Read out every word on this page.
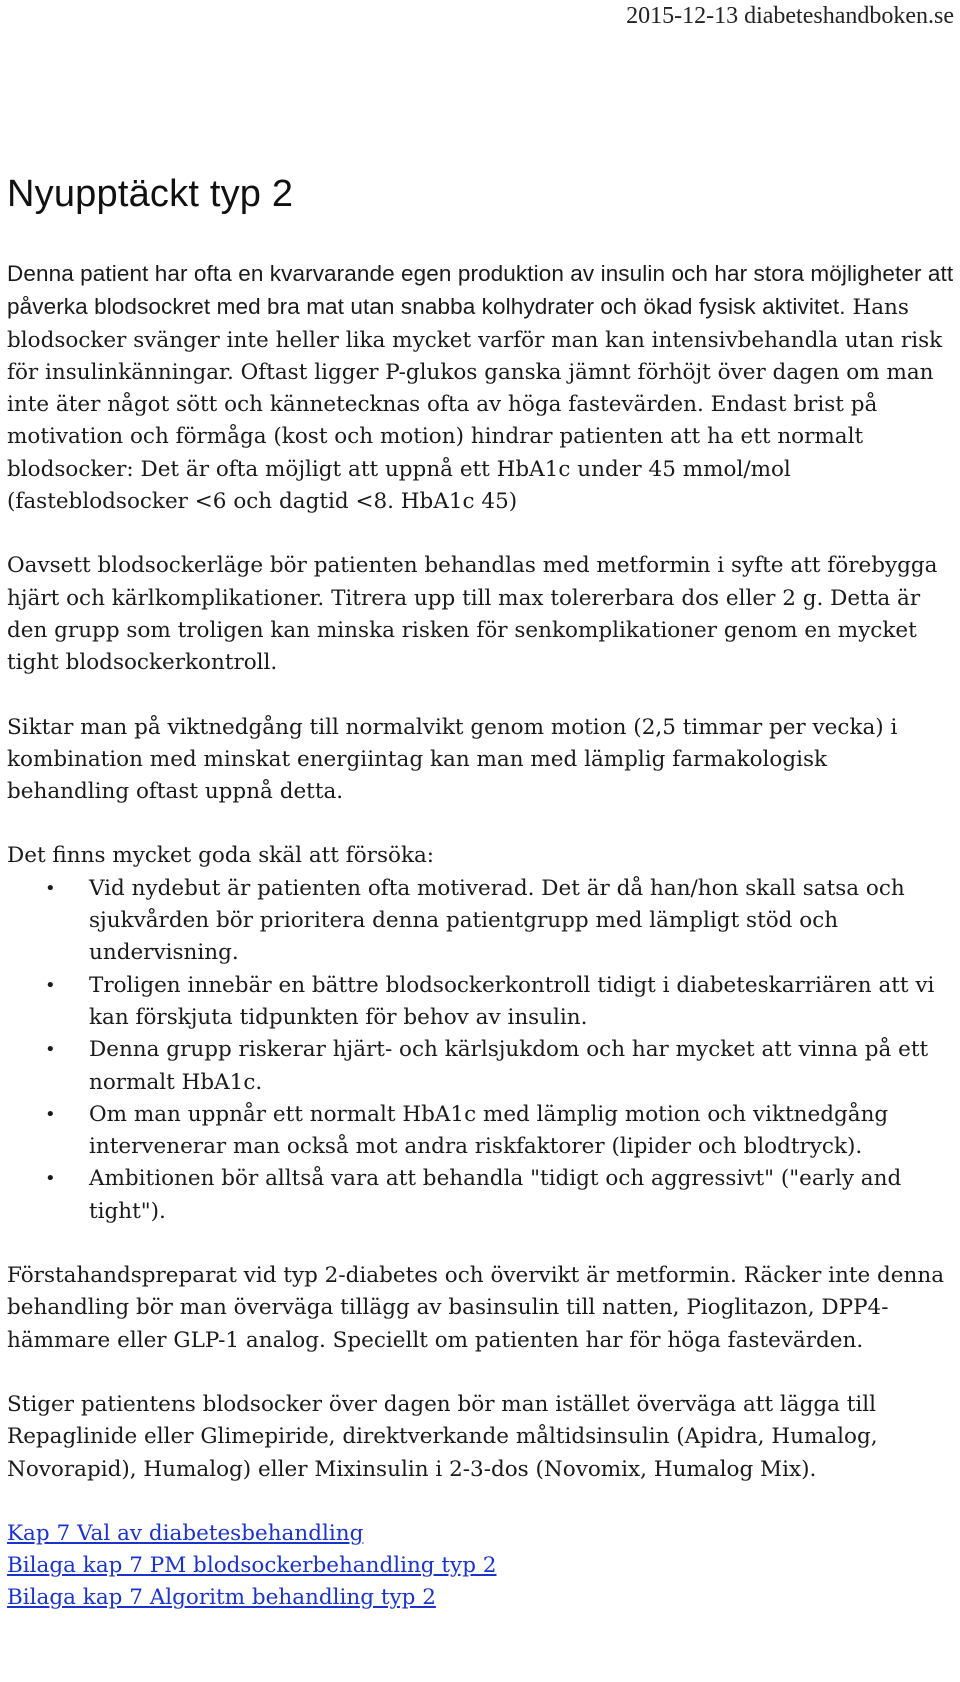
2015-12-13 diabeteshandboken.se
Nyupptäckt typ 2

Denna patient har ofta en kvarvarande egen produktion av insulin och har stora möjligheter att påverka blodsockret med bra mat utan snabba kolhydrater och ökad fysisk aktivitet. Hans blodsocker svänger inte heller lika mycket varför man kan intensivbehandla utan risk för insulinkänningar. Oftast ligger P-glukos ganska jämnt förhöjt över dagen om man inte äter något sött och kännetecknas ofta av höga fastevärden. Endast brist på motivation och förmåga (kost och motion) hindrar patienten att ha ett normalt blodsocker: Det är ofta möjligt att uppnå ett HbA1c under 45 mmol/mol (fasteblodsocker <6 och dagtid <8. HbA1c 45)

Oavsett blodsockerläge bör patienten behandlas med metformin i syfte att förebygga hjärt och kärlkomplikationer. Titrera upp till max tolererbara dos eller 2 g. Detta är den grupp som troligen kan minska risken för senkomplikationer genom en mycket tight blodsockerkontroll.

Siktar man på viktnedgång till normalvikt genom motion (2,5 timmar per vecka) i kombination med minskat energiintag kan man med lämplig farmakologisk behandling oftast uppnå detta.

Det finns mycket goda skäl att försöka:

• Vid nydebut är patienten ofta motiverad. Det är då han/hon skall satsa och sjukvården bör prioritera denna patientgrupp med lämpligt stöd och undervisning.
• Troligen innebär en bättre blodsockerkontroll tidigt i diabeteskarriären att vi kan förskjuta tidpunkten för behov av insulin.
• Denna grupp riskerar hjärt- och kärlsjukdom och har mycket att vinna på ett normalt HbA1c.
• Om man uppnår ett normalt HbA1c med lämplig motion och viktnedgång intervenerar man också mot andra riskfaktorer (lipider och blodtryck).
• Ambitionen bör alltså vara att behandla "tidigt och aggressivt" ("early and tight").

Förstahandspreparat vid typ 2-diabetes och övervikt är metformin. Räcker inte denna behandling bör man överväga tillägg av basinsulin till natten, Pioglitazon, DPP4-hämmare eller GLP-1 analog. Speciellt om patienten har för höga fastevärden.

Stiger patientens blodsocker över dagen bör man istället överväga att lägga till Repaglinide eller Glimepiride, direktverkande måltidsinsulin (Apidra, Humalog, Novorapid), Humalog) eller Mixinsulin i 2-3-dos (Novomix, Humalog Mix).

Kap 7 Val av diabetesbehandling
Bilaga kap 7 PM blodsockerbehandling typ 2
Bilaga kap 7 Algoritm behandling typ 2
